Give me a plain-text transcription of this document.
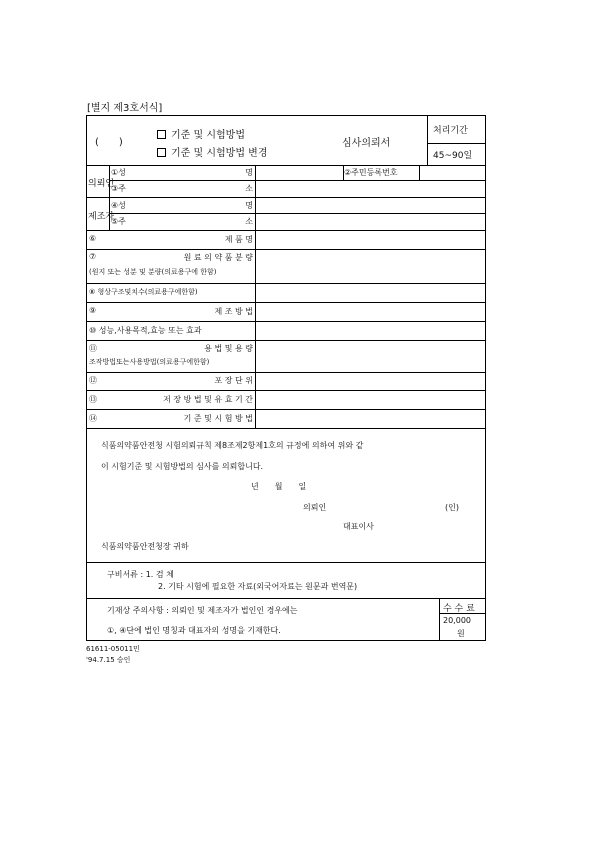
[별지 제3호서식]
(　　)
기준 및 시험방법
기준 및 시험방법 변경
심사의뢰서
처리기간
45~90일
의뢰인
①성	명
③주	소
②주민등록번호
제조자
④성	명
⑤주	소
⑥	제 품 명
⑦	원 료 의 약 품 분 량
(원지 또는 성분 및 분량(의료용구에 한함)
⑧ 형상구조및치수(의료용구에한함)
⑨	제 조 방 법
⑩ 성능,사용목적,효능 또는 효과
⑪	용 법 및 용 량
조작방법또는사용방법(의료용구에한함)
⑫	포 장 단 위
⑬	저 장 방 법 및 유 효 기 간
⑭	기 준 및 시 험 방 법
식품의약품안전청 시험의뢰규칙 제8조제2항제1호의 규정에 의하여 위와 같
이 시험기준 및 시험방법의 심사를 의뢰합니다.
년　　월　　일
의뢰인	(인)
대표이사
식품의약품안전청장 귀하
구비서류 : 1. 검 체
2. 기타 시험에 필요한 자료(외국어자료는 원문과 번역문)
기재상 주의사항 : 의뢰인 및 제조자가 법인인 경우에는
①, ④단에 법인 명칭과 대표자의 성명을 기재한다.
수 수 료
20,000
원
61611-05011민
'94.7.15 승인
